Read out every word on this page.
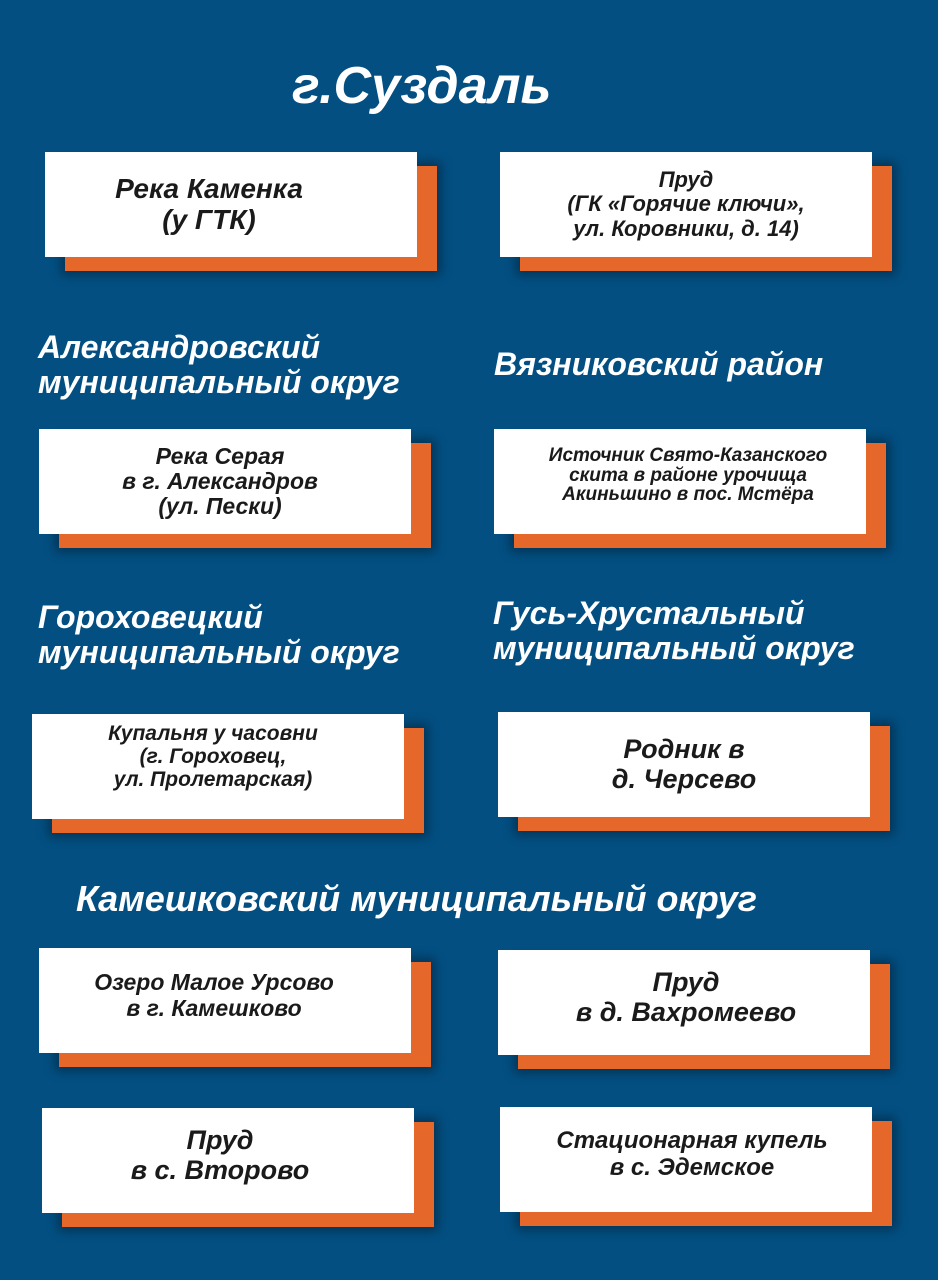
г.Суздаль
Река Каменка
(у ГТК)
Пруд
(ГК «Горячие ключи»,
ул. Коровники, д. 14)
Александровский
муниципальный округ	Вязниковский район
Река Серая
в г. Александров
(ул. Пески)
Источник Свято-Казанского
скита в районе урочища
Акиньшино в пос. Мстёра
Гороховецкий
муниципальный округ
Гусь-Хрустальный
муниципальный округ
Купальня у часовни
(г. Гороховец,
ул. Пролетарская)
Родник в
д. Черсево
Камешковский муниципальный округ
Озеро Малое Урсово
в г. Камешково
Пруд
в д. Вахромеево
Пруд
в с. Второво
Стационарная купель
в с. Эдемское
